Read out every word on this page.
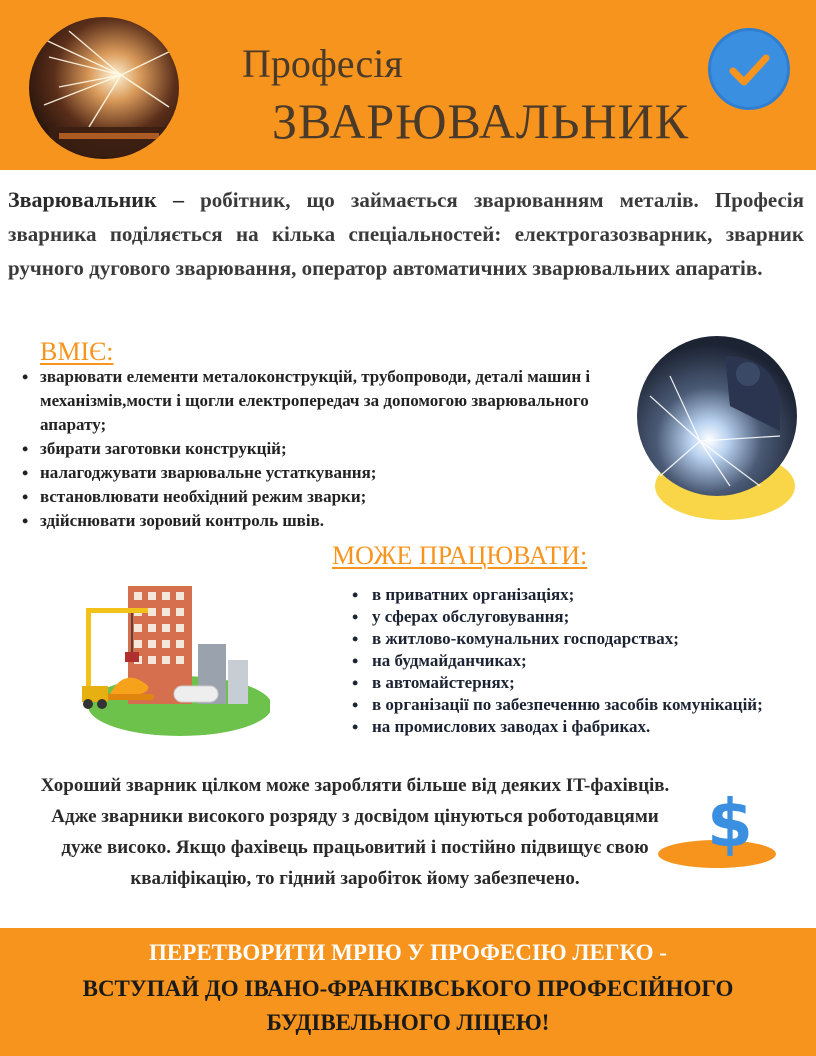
Професія
ЗВАРЮВАЛЬНИК
Зварювальник – робітник, що займається зварюванням металів. Професія зварника поділяється на кілька спеціальностей: електрогазозварник, зварник ручного дугового зварювання, оператор автоматичних зварювальних апаратів.
ВМІЄ:
• зварювати елементи металоконструкцій, трубопроводи, деталі машин і механізмів,мости і щогли електропередач за допомогою зварювального апарату;
• збирати заготовки конструкцій;
• налагоджувати зварювальне устаткування;
• встановлювати необхідний режим зварки;
• здійснювати зоровий контроль швів.
МОЖЕ ПРАЦЮВАТИ:
• в приватних організаціях;
• у сферах обслуговування;
• в житлово-комунальних господарствах;
• на будмайданчиках;
• в автомайстернях;
• в організації по забезпеченню засобів комунікацій;
• на промислових заводах і фабриках.
Хороший зварник цілком може заробляти більше від деяких IT-фахівців. Адже зварники високого розряду з досвідом цінуються роботодавцями дуже високо. Якщо фахівець працьовитий і постійно підвищує свою кваліфікацію, то гідний заробіток йому забезпечено.
$
ПЕРЕТВОРИТИ МРІЮ У ПРОФЕСІЮ ЛЕГКО -
ВСТУПАЙ ДО ІВАНО-ФРАНКІВСЬКОГО ПРОФЕСІЙНОГО
БУДІВЕЛЬНОГО ЛІЦЕЮ!
